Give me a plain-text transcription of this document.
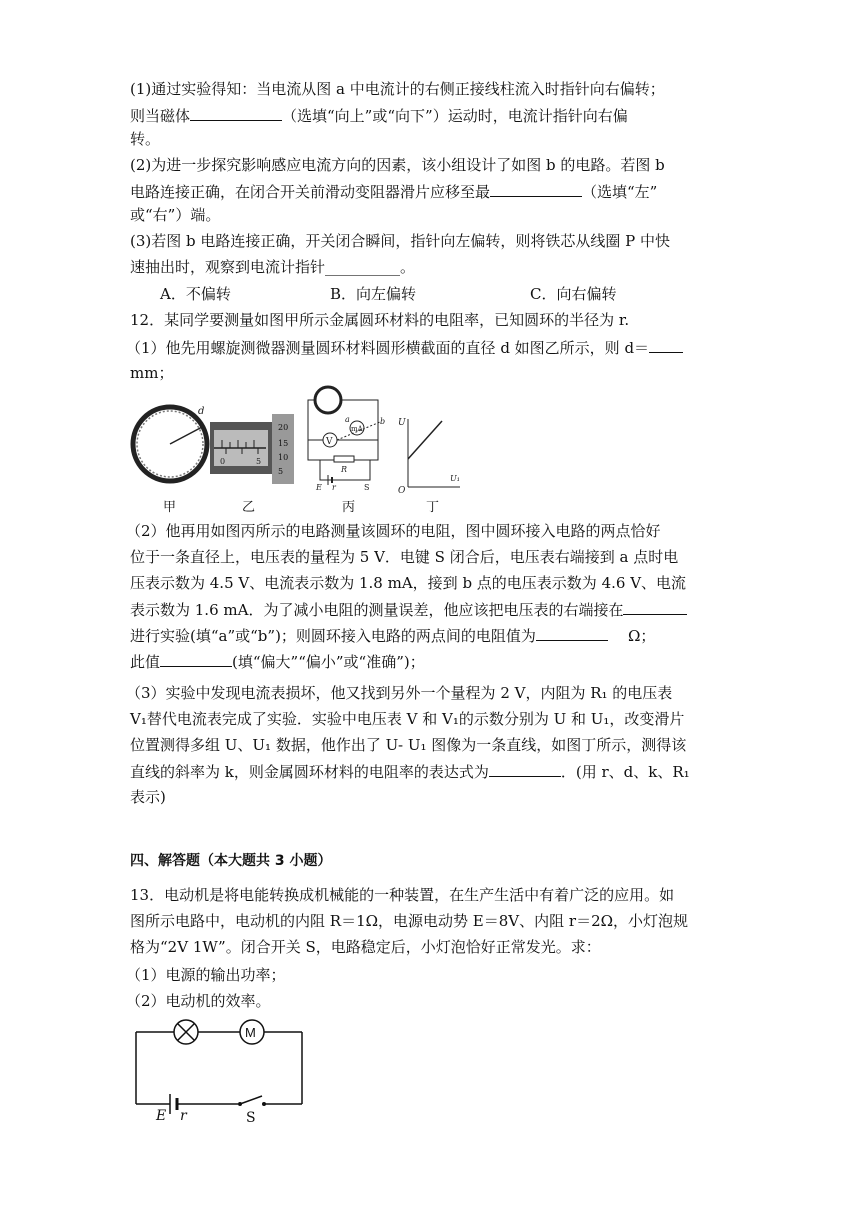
(1)通过实验得知：当电流从图 a 中电流计的右侧正接线柱流入时指针向右偏转；
则当磁体	（选填“向上”或“向下”）运动时，电流计指针向右偏
转。
(2)为进一步探究影响感应电流方向的因素，该小组设计了如图 b 的电路。若图 b
电路连接正确，在闭合开关前滑动变阻器滑片应移至最	（选填“左”
或“右”）端。
(3)若图 b 电路连接正确，开关闭合瞬间，指针向左偏转，则将铁芯从线圈 P 中快
速抽出时，观察到电流计指针__________。
A．不偏转	B．向左偏转	C．向右偏转
12．某同学要测量如图甲所示金属圆环材料的电阻率，已知圆环的半径为 r.
（1）他先用螺旋测微器测量圆环材料圆形横截面的直径 d 如图乙所示，则 d＝
mm；
d
0	5
20
15
10
5
V
mA
a	b
R
E r	S
U
U₁
O
甲	乙	丙	丁
（2）他再用如图丙所示的电路测量该圆环的电阻，图中圆环接入电路的两点恰好
位于一条直径上，电压表的量程为 5 V．电键 S 闭合后，电压表右端接到 a 点时电
压表示数为 4.5 V、电流表示数为 1.8 mA，接到 b 点的电压表示数为 4.6 V、电流
表示数为 1.6 mA．为了减小电阻的测量误差，他应该把电压表的右端接在
进行实验(填“a”或“b”)；则圆环接入电路的两点间的电阻值为	Ω；
此值	(填“偏大”“偏小”或“准确”)；
（3）实验中发现电流表损坏，他又找到另外一个量程为 2 V，内阻为 R₁ 的电压表
V₁替代电流表完成了实验．实验中电压表 V 和 V₁的示数分别为 U 和 U₁，改变滑片
位置测得多组 U、U₁ 数据，他作出了 U- U₁ 图像为一条直线，如图丁所示，测得该
直线的斜率为 k，则金属圆环材料的电阻率的表达式为	．(用 r、d、k、R₁
表示)
四、解答题（本大题共 3 小题）
13．电动机是将电能转换成机械能的一种装置，在生产生活中有着广泛的应用。如
图所示电路中，电动机的内阻 R＝1Ω，电源电动势 E＝8V、内阻 r＝2Ω，小灯泡规
格为“2V 1W”。闭合开关 S，电路稳定后，小灯泡恰好正常发光。求：
（1）电源的输出功率；
（2）电动机的效率。
M
E r	S
